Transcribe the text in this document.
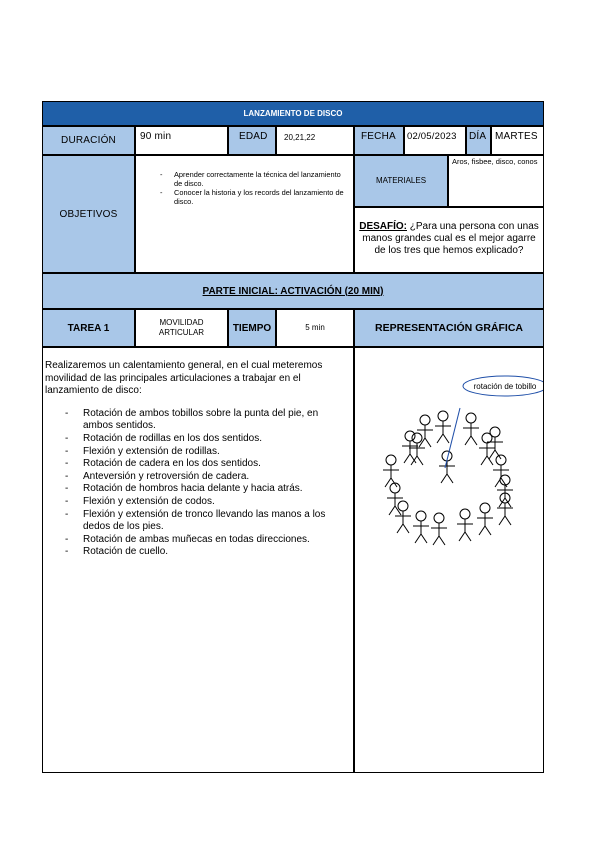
LANZAMIENTO DE DISCO
DURACIÓN	90 min	EDAD	20,21,22	FECHA	02/05/2023	DÍA MARTES
OBJETIVOS
- Aprender correctamente la técnica del lanzamiento de disco.
- Conocer la historia y los records del lanzamiento de disco.
MATERIALES
Aros, fisbee, disco, conos
DESAFÍO: ¿Para una persona con unas manos grandes cual es el mejor agarre de los tres que hemos explicado?
PARTE INICIAL: ACTIVACIÓN (20 MIN)
TAREA 1	MOVILIDAD ARTICULAR	TIEMPO	5 min	REPRESENTACIÓN GRÁFICA
Realizaremos un calentamiento general, en el cual meteremos movilidad de las principales articulaciones a trabajar en el lanzamiento de disco:
- Rotación de ambos tobillos sobre la punta del pie, en ambos sentidos.
- Rotación de rodillas en los dos sentidos.
- Flexión y extensión de rodillas.
- Rotación de cadera en los dos sentidos.
- Anteversión y retroversión de cadera.
- Rotación de hombros hacia delante y hacia atrás.
- Flexión y extensión de codos.
- Flexión y extensión de tronco llevando las manos a los dedos de los pies.
- Rotación de ambas muñecas en todas direcciones.
- Rotación de cuello.
rotación de tobillo
